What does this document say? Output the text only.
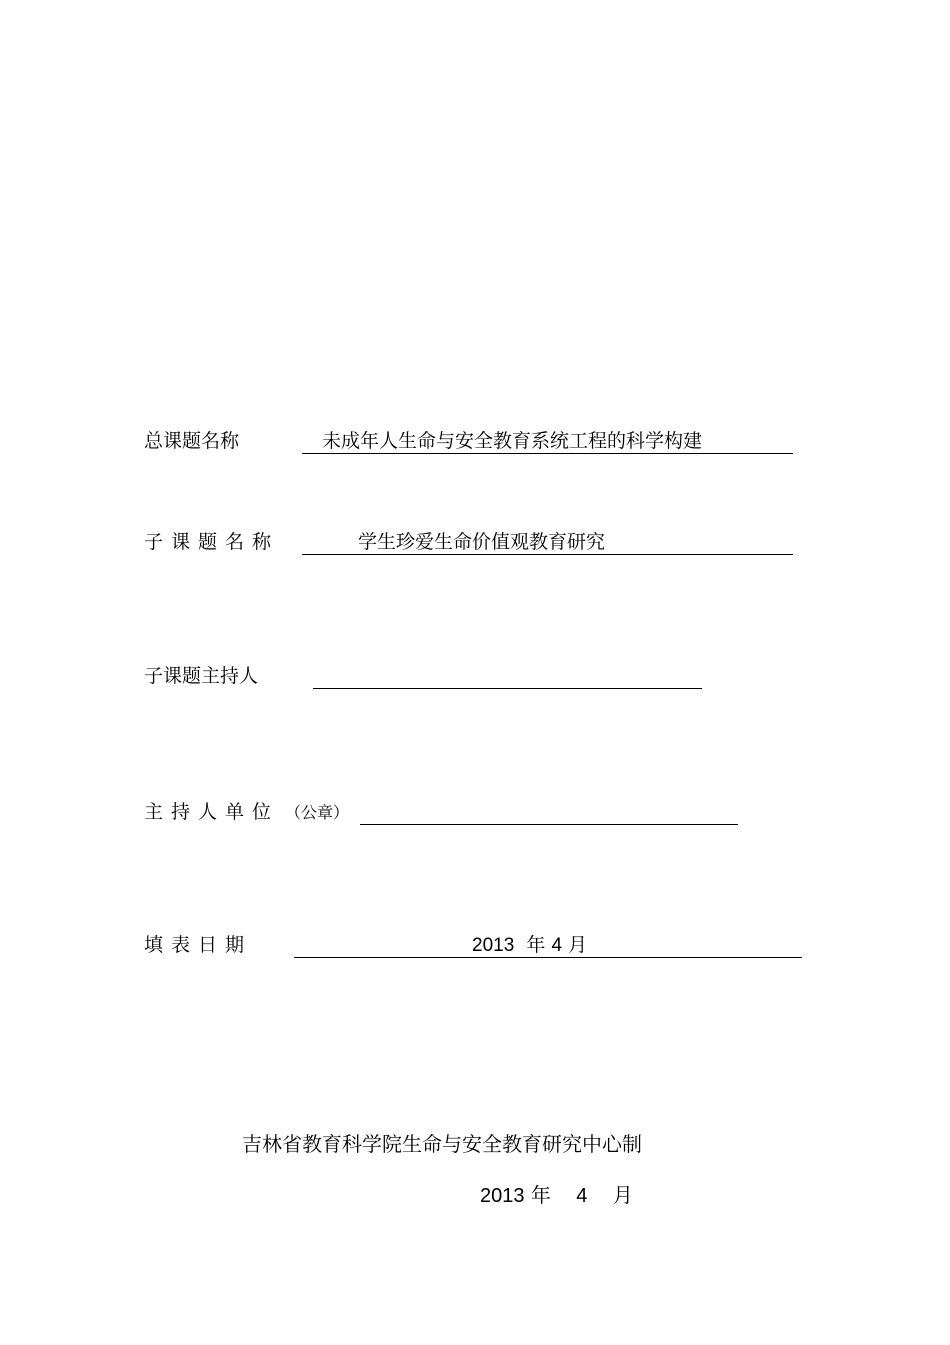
总课题名称	未成年人生命与安全教育系统工程的科学构建
子课题名称	学生珍爱生命价值观教育研究
子课题主持人
主持人单位 （公章）
填表日期	2013 年 4 月
吉林省教育科学院生命与安全教育研究中心制
2013 年 4 月
